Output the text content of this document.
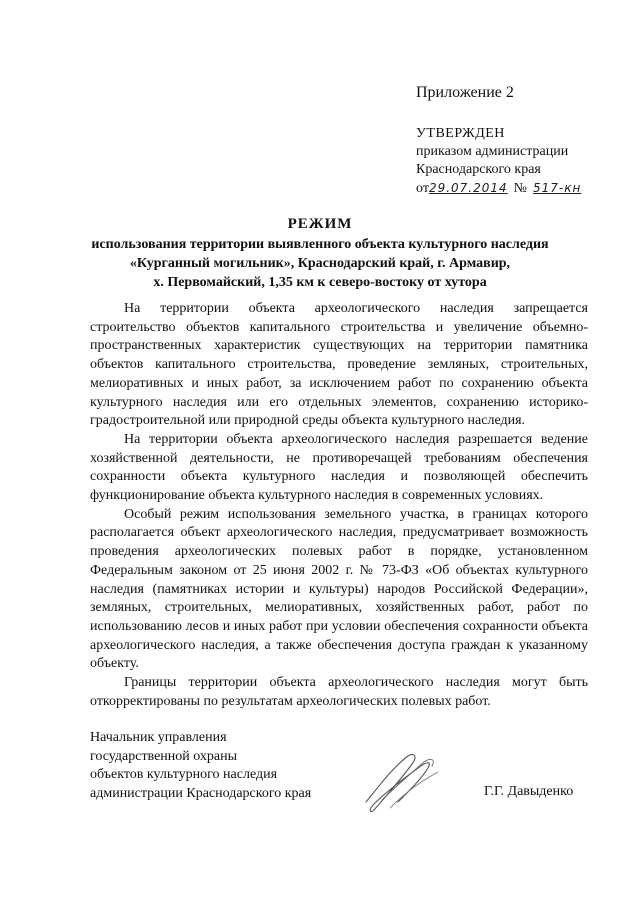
Приложение 2
УТВЕРЖДЕН
приказом администрации
Краснодарского края
от29.07.2014 № 517-кн
РЕЖИМ
использования территории выявленного объекта культурного наследия
«Курганный могильник», Краснодарский край, г. Армавир,
х. Первомайский, 1,35 км к северо-востоку от хутора

На территории объекта археологического наследия запрещается строительство объектов капитального строительства и увеличение объемно-пространственных характеристик существующих на территории памятника объектов капитального строительства, проведение земляных, строительных, мелиоративных и иных работ, за исключением работ по сохранению объекта культурного наследия или его отдельных элементов, сохранению историко-градостроительной или природной среды объекта культурного наследия.

На территории объекта археологического наследия разрешается ведение хозяйственной деятельности, не противоречащей требованиям обеспечения сохранности объекта культурного наследия и позволяющей обеспечить функционирование объекта культурного наследия в современных условиях.

Особый режим использования земельного участка, в границах которого располагается объект археологического наследия, предусматривает возможность проведения археологических полевых работ в порядке, установленном Федеральным законом от 25 июня 2002 г. № 73-ФЗ «Об объектах культурного наследия (памятниках истории и культуры) народов Российской Федерации», земляных, строительных, мелиоративных, хозяйственных работ, работ по использованию лесов и иных работ при условии обеспечения сохранности объекта археологического наследия, а также обеспечения доступа граждан к указанному объекту.

Границы территории объекта археологического наследия могут быть откорректированы по результатам археологических полевых работ.

Начальник управления
государственной охраны
объектов культурного наследия
администрации Краснодарского края	Г.Г. Давыденко
